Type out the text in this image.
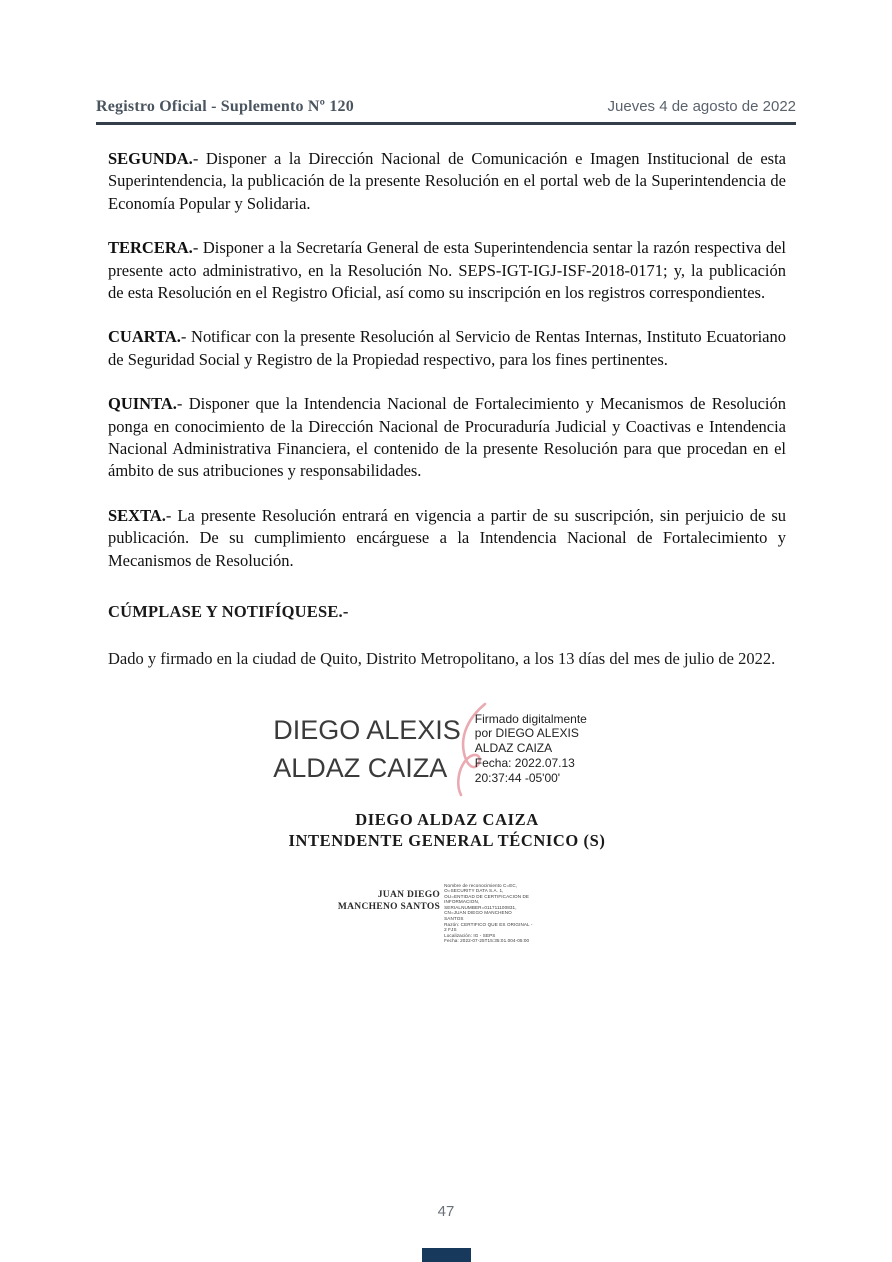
Registro Oficial - Suplemento Nº 120	Jueves 4 de agosto de 2022

SEGUNDA.- Disponer a la Dirección Nacional de Comunicación e Imagen Institucional de esta Superintendencia, la publicación de la presente Resolución en el portal web de la Superintendencia de Economía Popular y Solidaria.

TERCERA.- Disponer a la Secretaría General de esta Superintendencia sentar la razón respectiva del presente acto administrativo, en la Resolución No. SEPS-IGT-IGJ-ISF-2018-0171; y, la publicación de esta Resolución en el Registro Oficial, así como su inscripción en los registros correspondientes.

CUARTA.- Notificar con la presente Resolución al Servicio de Rentas Internas, Instituto Ecuatoriano de Seguridad Social y Registro de la Propiedad respectivo, para los fines pertinentes.

QUINTA.- Disponer que la Intendencia Nacional de Fortalecimiento y Mecanismos de Resolución ponga en conocimiento de la Dirección Nacional de Procuraduría Judicial y Coactivas e Intendencia Nacional Administrativa Financiera, el contenido de la presente Resolución para que procedan en el ámbito de sus atribuciones y responsabilidades.

SEXTA.- La presente Resolución entrará en vigencia a partir de su suscripción, sin perjuicio de su publicación. De su cumplimiento encárguese a la Intendencia Nacional de Fortalecimiento y Mecanismos de Resolución.

CÚMPLASE Y NOTIFÍQUESE.-

Dado y firmado en la ciudad de Quito, Distrito Metropolitano, a los 13 días del mes de julio de 2022.

DIEGO ALEXIS
ALDAZ CAIZA
Firmado digitalmente
por DIEGO ALEXIS
ALDAZ CAIZA
Fecha: 2022.07.13
20:37:44 -05'00'
DIEGO ALDAZ CAIZA
INTENDENTE GENERAL TÉCNICO (S)
JUAN DIEGO
MANCHENO SANTOS
Nombre de reconocimiento C=EC,
O=SECURITY DATA S.A. 1,
OU=ENTIDAD DE CERTIFICACION DE
INFORMACION,
SERIALNUMBER=011711100831,
CN=JUAN DIEGO MANCHENO
SANTOS
Razón: CERTIFICO QUE ES ORIGINAL -
2 FJS
Localización: IG - SEPS
Fecha: 2022-07-25T15:35:01.004-05:00
47
